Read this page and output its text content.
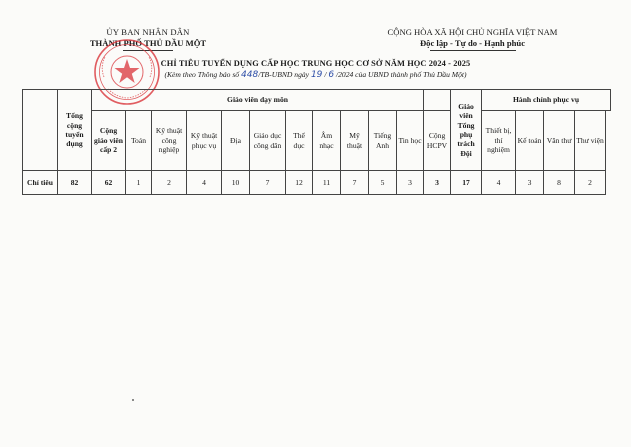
ỦY BAN NHÂN DÂN
THÀNH PHỐ THỦ DẦU MỘT
CỘNG HÒA XÃ HỘI CHỦ NGHĨA VIỆT NAM
Độc lập - Tự do - Hạnh phúc
CHỈ TIÊU TUYỂN DỤNG CẤP HỌC TRUNG HỌC CƠ SỞ NĂM HỌC 2024 - 2025
(Kèm theo Thông báo số 448/TB-UBND ngày 19 / 6 /2024 của UBND thành phố Thủ Dầu Một)
	Tổng cộng tuyển dụng	Giáo viên dạy môn												Giáo viên Tổng phụ trách Đội	Hành chính phục vụ			
		Cộng giáo viên cấp 2	Toán	Kỹ thuật công nghiệp	Kỹ thuật phục vụ	Địa	Giáo dục công dân	Thể dục	Âm nhạc	Mỹ thuật	Tiếng Anh	Tin học	Cộng HCPV		Thiết bị, thí nghiệm	Kế toán	Văn thư	Thư viện
Chỉ tiêu	82	62	1	2	4	10	7	12	11	7	5	3	3	17	4	3	8	2
